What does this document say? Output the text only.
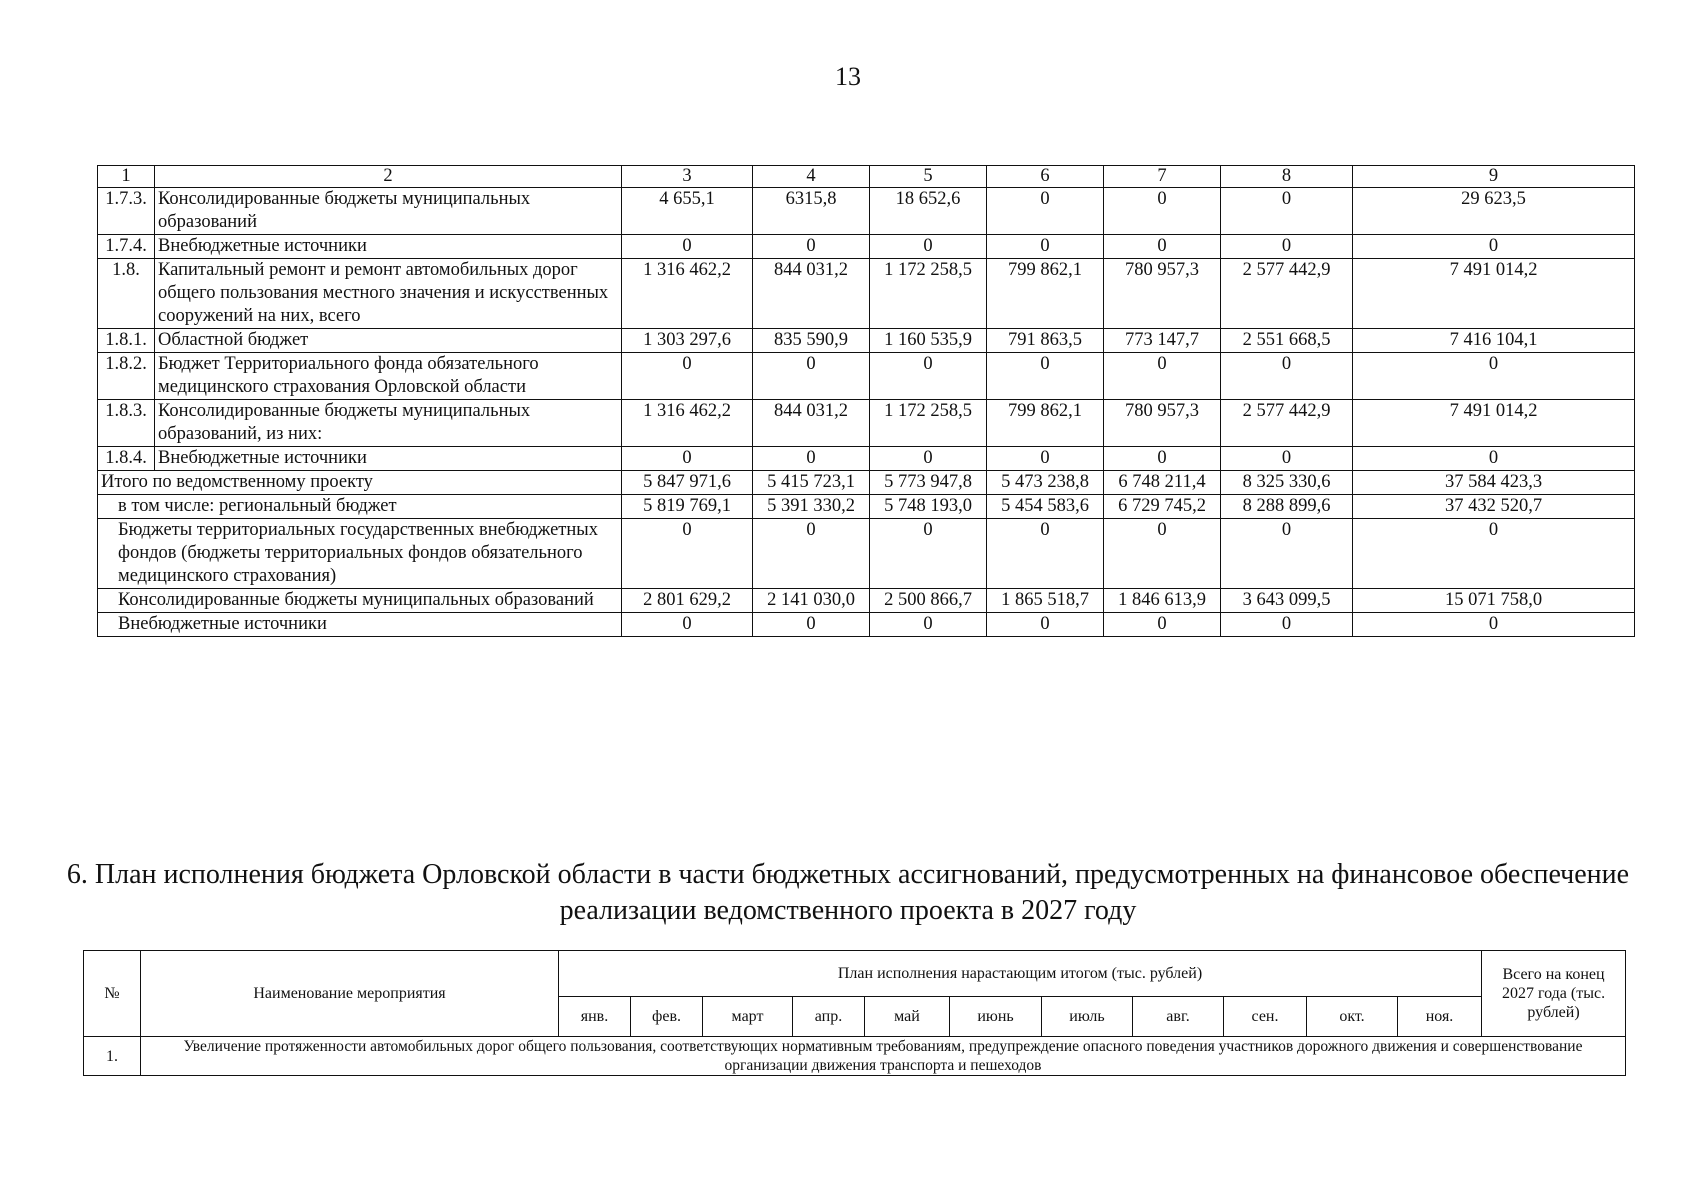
13
1	2	3	4	5	6	7	8	9
1.7.3.	Консолидированные бюджеты муниципальных образований	4 655,1	6315,8	18 652,6	0	0	0	29 623,5
1.7.4.	Внебюджетные источники	0	0	0	0	0	0	0
1.8.	Капитальный ремонт и ремонт автомобильных дорог общего пользования местного значения и искусственных сооружений на них, всего	1 316 462,2	844 031,2	1 172 258,5	799 862,1	780 957,3	2 577 442,9	7 491 014,2
1.8.1.	Областной бюджет	1 303 297,6	835 590,9	1 160 535,9	791 863,5	773 147,7	2 551 668,5	7 416 104,1
1.8.2.	Бюджет Территориального фонда обязательного медицинского страхования Орловской области	0	0	0	0	0	0	0
1.8.3.	Консолидированные бюджеты муниципальных образований, из них:	1 316 462,2	844 031,2	1 172 258,5	799 862,1	780 957,3	2 577 442,9	7 491 014,2
1.8.4.	Внебюджетные источники	0	0	0	0	0	0	0
Итого по ведомственному проекту		5 847 971,6	5 415 723,1	5 773 947,8	5 473 238,8	6 748 211,4	8 325 330,6	37 584 423,3
в том числе: региональный бюджет		5 819 769,1	5 391 330,2	5 748 193,0	5 454 583,6	6 729 745,2	8 288 899,6	37 432 520,7
Бюджеты территориальных государственных внебюджетных фондов (бюджеты территориальных фондов обязательного медицинского страхования)		0	0	0	0	0	0	0
Консолидированные бюджеты муниципальных образований		2 801 629,2	2 141 030,0	2 500 866,7	1 865 518,7	1 846 613,9	3 643 099,5	15 071 758,0
Внебюджетные источники		0	0	0	0	0	0	0
6. План исполнения бюджета Орловской области в части бюджетных ассигнований, предусмотренных на финансовое обеспечение реализации ведомственного проекта в 2027 году
№	Наименование мероприятия	План исполнения нарастающим итогом (тыс. рублей)											Всего на конец 2027 года (тыс. рублей)
		янв.	фев.	март	апр.	май	июнь	июль	авг.	сен.	окт.	ноя.	
1.	Увеличение протяженности автомобильных дорог общего пользования, соответствующих нормативным требованиям, предупреждение опасного поведения участников дорожного движения и совершенствование организации движения транспорта и пешеходов												
